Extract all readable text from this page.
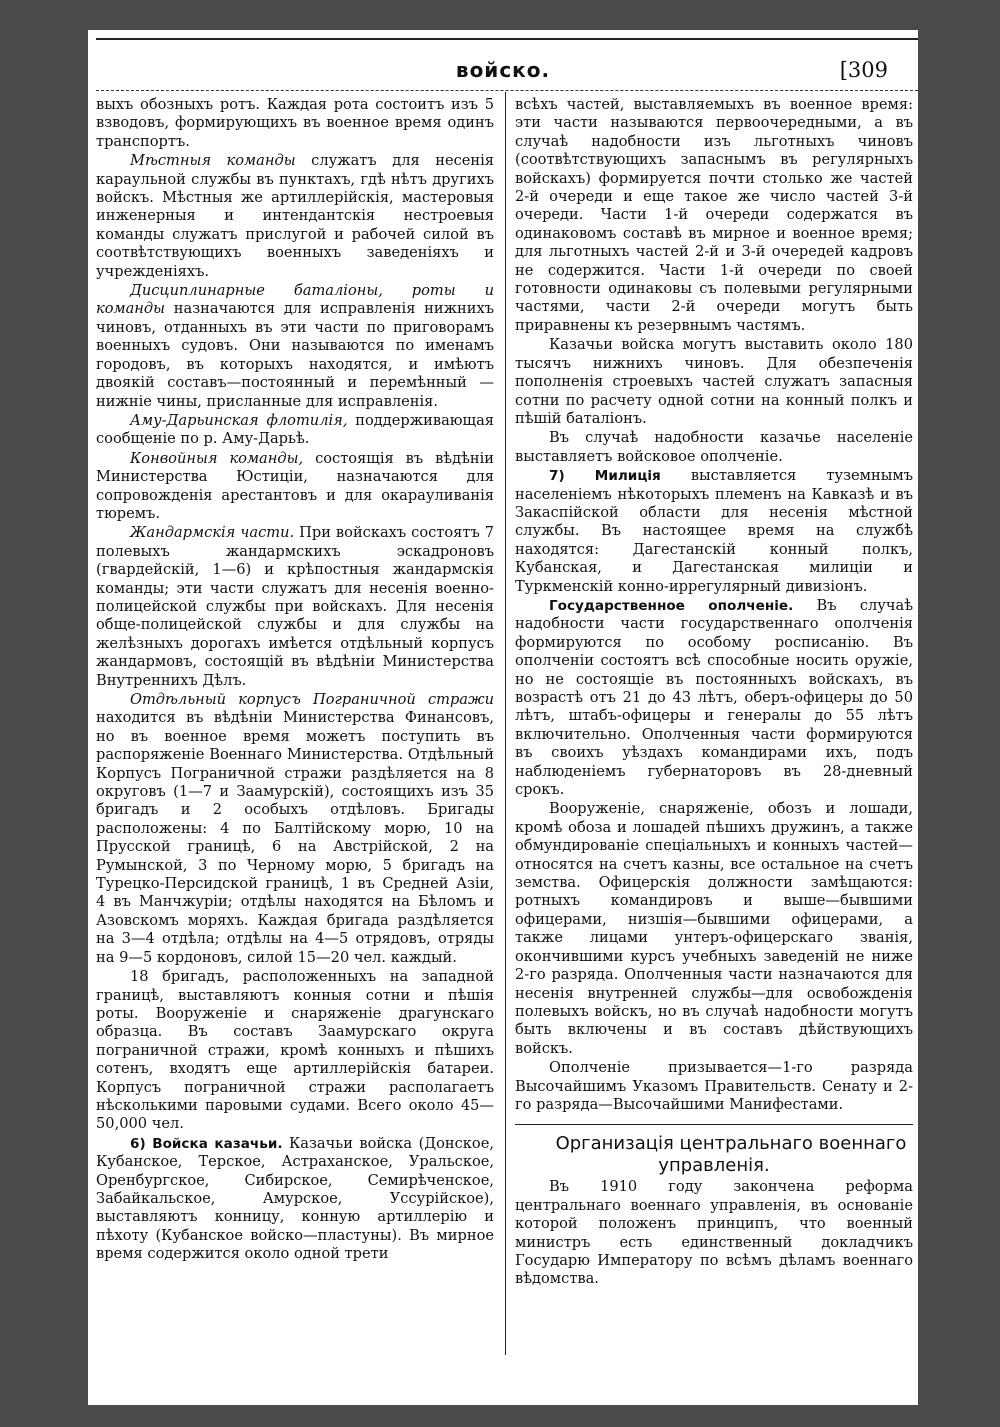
войско.	[309

выхъ обозныхъ ротъ. Каждая рота состоитъ изъ 5 взводовъ, формирующихъ въ военное время одинъ транспортъ.

Мѣстныя команды служатъ для несенія караульной службы въ пунктахъ, гдѣ нѣтъ другихъ войскъ. Мѣстныя же артиллерійскія, мастеровыя инженерныя и интендантскія нестроевыя команды служатъ прислугой и рабочей силой въ соотвѣтствующихъ военныхъ заведеніяхъ и учрежденіяхъ.

Дисциплинарные баталіоны, роты и команды назначаются для исправленія нижнихъ чиновъ, отданныхъ въ эти части по приговорамъ военныхъ судовъ. Они называются по именамъ городовъ, въ которыхъ находятся, и имѣютъ двоякій составъ—постоянный и перемѣнный — нижніе чины, присланные для исправленія.

Аму-Дарьинская флотилія, поддерживающая сообщеніе по р. Аму-Дарьѣ.

Конвойныя команды, состоящія въ вѣдѣніи Министерства Юстиціи, назначаются для сопровожденія арестантовъ и для окарауливанія тюремъ.

Жандармскія части. При войскахъ состоятъ 7 полевыхъ жандармскихъ эскадроновъ (гвардейскій, 1—6) и крѣпостныя жандармскія команды; эти части служатъ для несенія военно-полицейской службы при войскахъ. Для несенія обще-полицейской службы и для службы на желѣзныхъ дорогахъ имѣется отдѣльный корпусъ жандармовъ, состоящій въ вѣдѣніи Министерства Внутреннихъ Дѣлъ.

Отдѣльный корпусъ Пограничной стражи находится въ вѣдѣніи Министерства Финансовъ, но въ военное время можетъ поступить въ распоряженіе Военнаго Министерства. Отдѣльный Корпусъ Пограничной стражи раздѣляется на 8 округовъ (1—7 и Заамурскій), состоящихъ изъ 35 бригадъ и 2 особыхъ отдѣловъ. Бригады расположены: 4 по Балтійскому морю, 10 на Прусской границѣ, 6 на Австрійской, 2 на Румынской, 3 по Черному морю, 5 бригадъ на Турецко-Персидской границѣ, 1 въ Средней Азіи, 4 въ Манчжуріи; отдѣлы находятся на Бѣломъ и Азовскомъ моряхъ. Каждая бригада раздѣляется на 3—4 отдѣла; отдѣлы на 4—5 отрядовъ, отряды на 9—5 кордоновъ, силой 15—20 чел. каждый.

18 бригадъ, расположенныхъ на западной границѣ, выставляютъ конныя сотни и пѣшія роты. Вооруженіе и снаряженіе драгунскаго образца. Въ составъ Заамурскаго округа пограничной стражи, кромѣ конныхъ и пѣшихъ сотенъ, входятъ еще артиллерійскія батареи. Корпусъ пограничной стражи располагаетъ нѣсколькими паровыми судами. Всего около 45—50,000 чел.

6) Войска казачьи. Казачьи войска (Донское, Кубанское, Терское, Астраханское, Уральское, Оренбургское, Сибирское, Семирѣченское, Забайкальское, Амурское, Уссурійское), выставляютъ конницу, конную артиллерію и пѣхоту (Кубанское войско—пластуны). Въ мирное время содержится около одной трети

всѣхъ частей, выставляемыхъ въ военное время: эти части называются первоочередными, а въ случаѣ надобности изъ льготныхъ чиновъ (соотвѣтствующихъ запаснымъ въ регулярныхъ войскахъ) формируется почти столько же частей 2-й очереди и еще такое же число частей 3-й очереди. Части 1-й очереди содержатся въ одинаковомъ составѣ въ мирное и военное время; для льготныхъ частей 2-й и 3-й очередей кадровъ не содержится. Части 1-й очереди по своей готовности одинаковы съ полевыми регулярными частями, части 2-й очереди могутъ быть приравнены къ резервнымъ частямъ.

Казачьи войска могутъ выставить около 180 тысячъ нижнихъ чиновъ. Для обезпеченія пополненія строевыхъ частей служатъ запасныя сотни по расчету одной сотни на конный полкъ и пѣшій баталіонъ.

Въ случаѣ надобности казачье населеніе выставляетъ войсковое ополченіе.

7) Милиція выставляется туземнымъ населеніемъ нѣкоторыхъ племенъ на Кавказѣ и въ Закаспійской области для несенія мѣстной службы. Въ настоящее время на службѣ находятся: Дагестанскій конный полкъ, Кубанская, и Дагестанская милиціи и Туркменскій конно-иррегулярный дивизіонъ.

Государственное ополченіе. Въ случаѣ надобности части государственнаго ополченія формируются по особому росписанію. Въ ополченіи состоятъ всѣ способные носить оружіе, но не состоящіе въ постоянныхъ войскахъ, въ возрастѣ отъ 21 до 43 лѣтъ, оберъ-офицеры до 50 лѣтъ, штабъ-офицеры и генералы до 55 лѣтъ включительно. Ополченныя части формируются въ своихъ уѣздахъ командирами ихъ, подъ наблюденіемъ губернаторовъ въ 28-дневный срокъ.

Вооруженіе, снаряженіе, обозъ и лошади, кромѣ обоза и лошадей пѣшихъ дружинъ, а также обмундированіе спеціальныхъ и конныхъ частей—относятся на счетъ казны, все остальное на счетъ земства. Офицерскія должности замѣщаются: ротныхъ командировъ и выше—бывшими офицерами, низшія—бывшими офицерами, а также лицами унтеръ-офицерскаго званія, окончившими курсъ учебныхъ заведеній не ниже 2-го разряда. Ополченныя части назначаются для несенія внутренней службы—для освобожденія полевыхъ войскъ, но въ случаѣ надобности могутъ быть включены и въ составъ дѣйствующихъ войскъ.

Ополченіе призывается—1-го разряда Высочайшимъ Указомъ Правительств. Сенату и 2-го разряда—Высочайшими Манифестами.

Организація центральнаго военнаго управленія.

Въ 1910 году закончена реформа центральнаго военнаго управленія, въ основаніе которой положенъ принципъ, что военный министръ есть единственный докладчикъ Государю Императору по всѣмъ дѣламъ военнаго вѣдомства.
